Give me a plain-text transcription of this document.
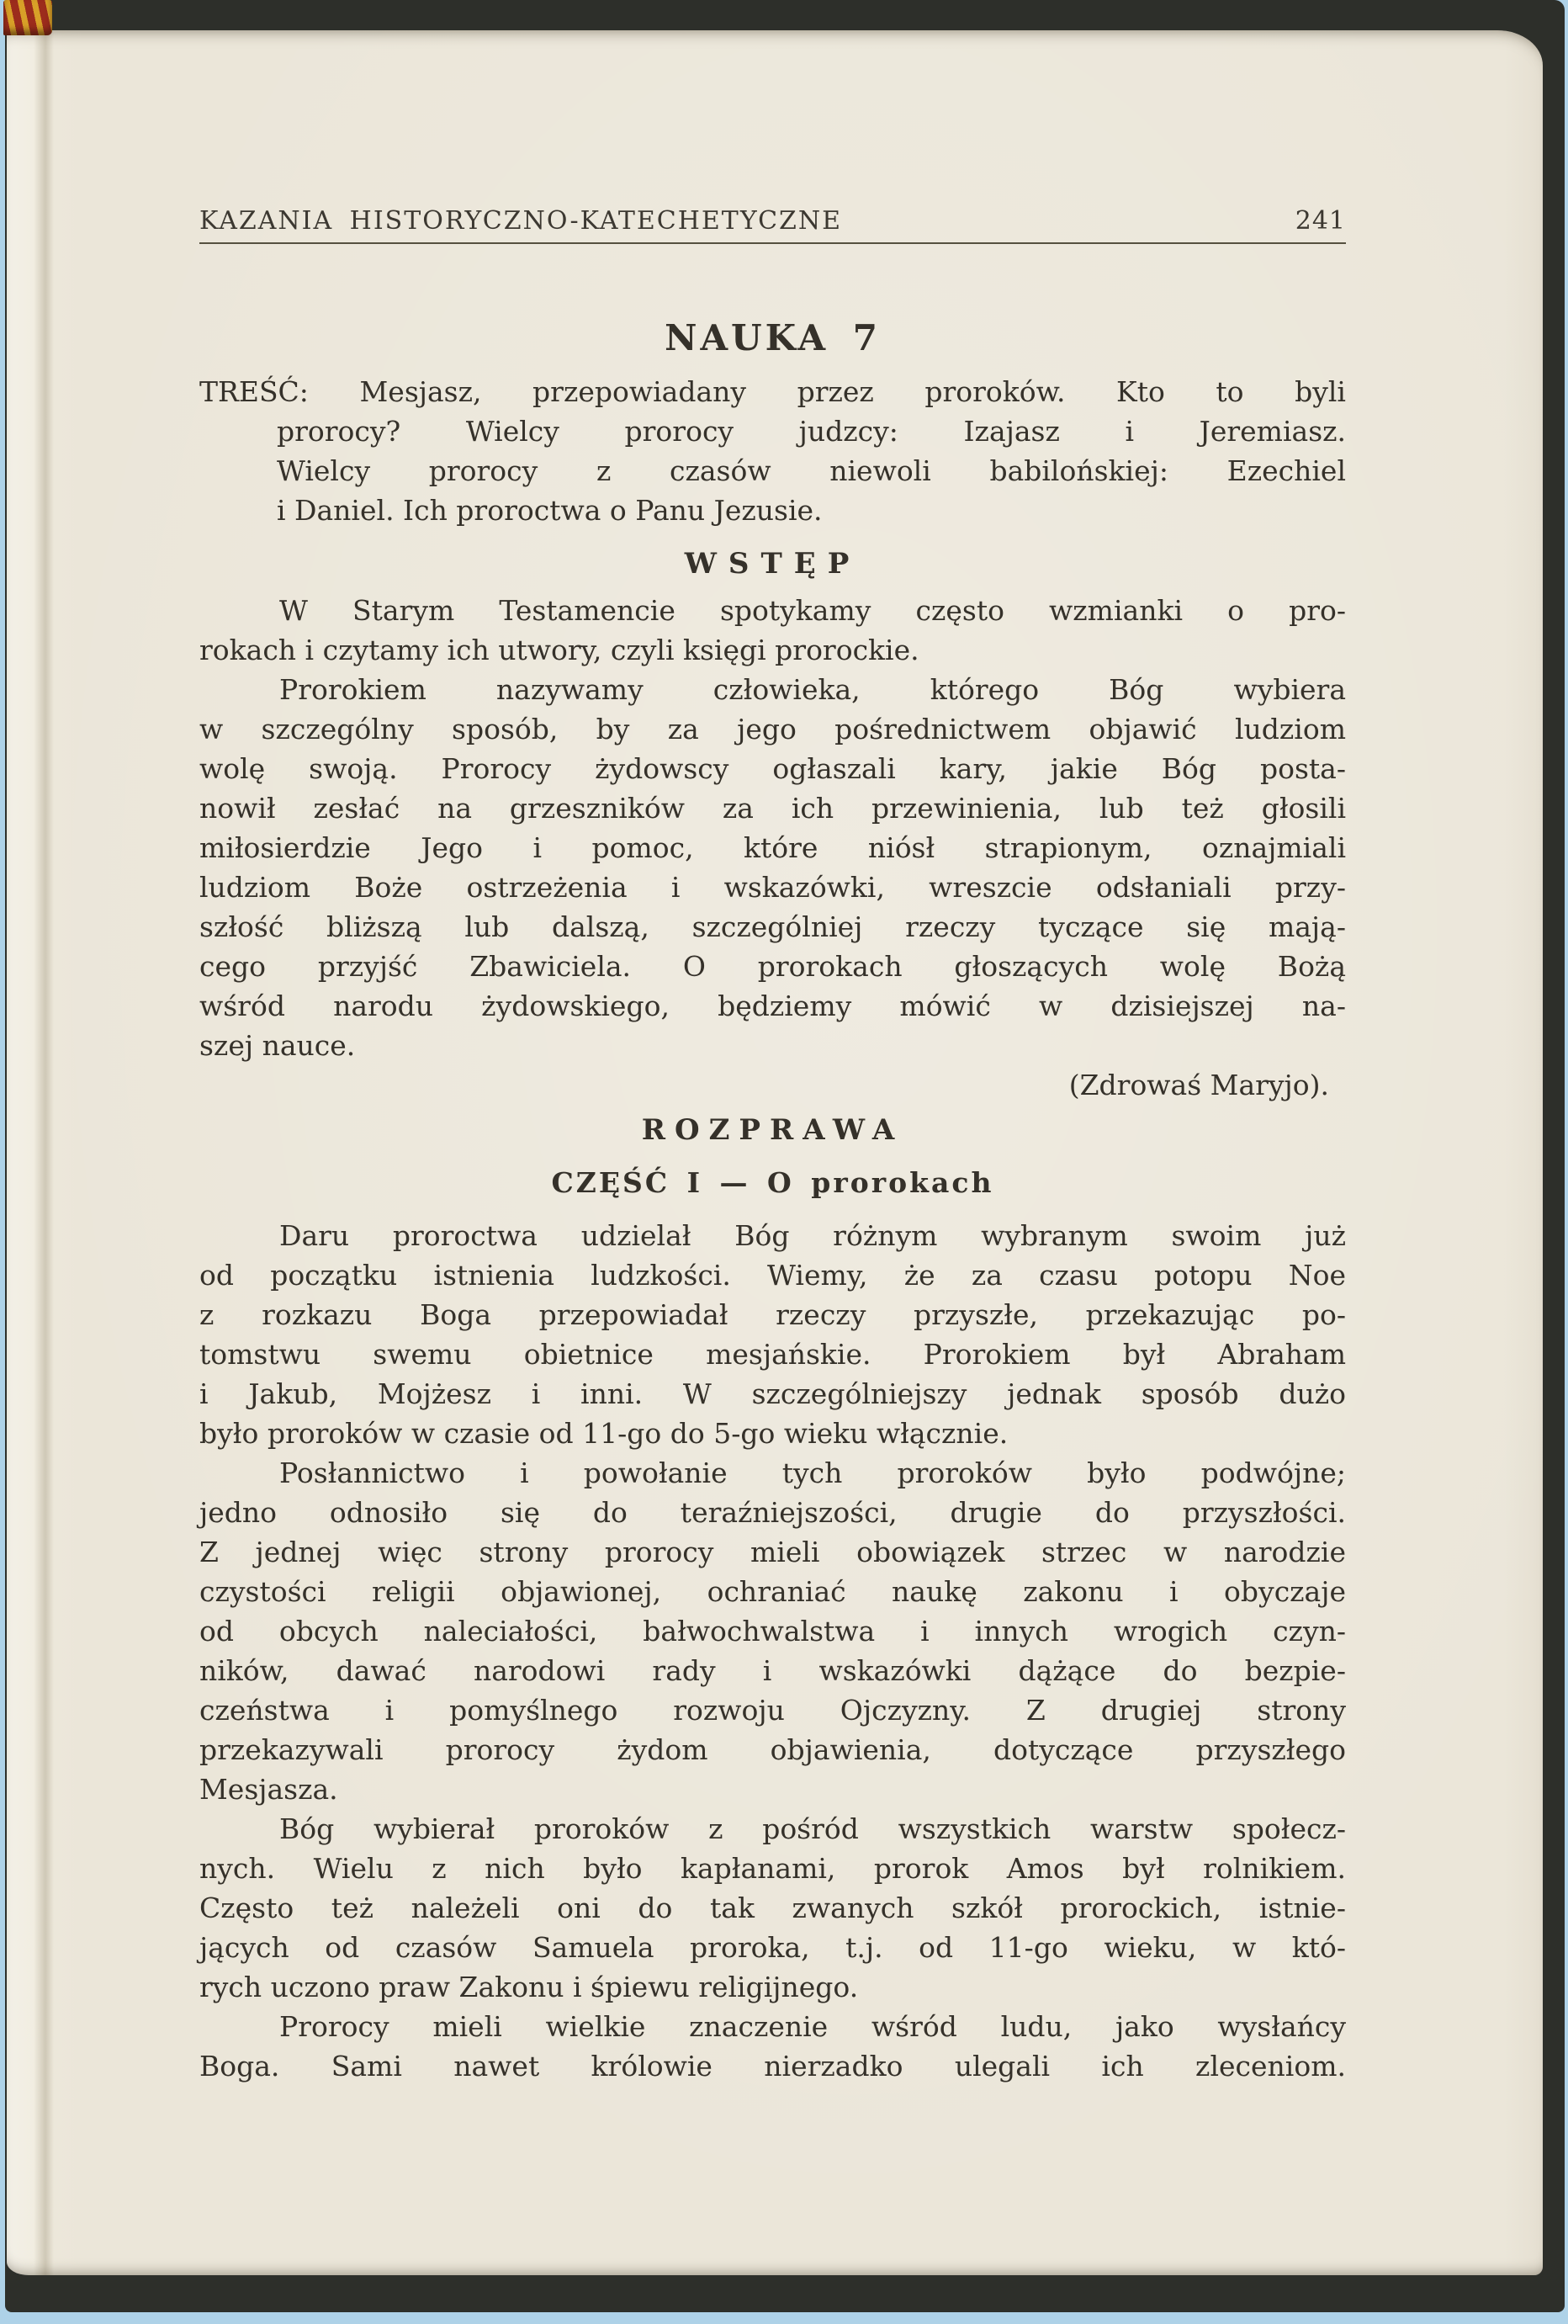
KAZANIA HISTORYCZNO-KATECHETYCZNE	241
NAUKA 7
TREŚĆ: Mesjasz, przepowiadany przez proroków. Kto to byli
prorocy? Wielcy prorocy judzcy: Izajasz i Jeremiasz.
Wielcy prorocy z czasów niewoli babilońskiej: Ezechiel
i Daniel. Ich proroctwa o Panu Jezusie.
WSTĘP
W Starym Testamencie spotykamy często wzmianki o pro-
rokach i czytamy ich utwory, czyli księgi prorockie.
Prorokiem nazywamy człowieka, którego Bóg wybiera
w szczególny sposób, by za jego pośrednictwem objawić ludziom
wolę swoją. Prorocy żydowscy ogłaszali kary, jakie Bóg posta-
nowił zesłać na grzeszników za ich przewinienia, lub też głosili
miłosierdzie Jego i pomoc, które niósł strapionym, oznajmiali
ludziom Boże ostrzeżenia i wskazówki, wreszcie odsłaniali przy-
szłość bliższą lub dalszą, szczególniej rzeczy tyczące się mają-
cego przyjść Zbawiciela. O prorokach głoszących wolę Bożą
wśród narodu żydowskiego, będziemy mówić w dzisiejszej na-
szej nauce.
(Zdrowaś Maryjo).
ROZPRAWA
CZĘŚĆ I — O prorokach
Daru proroctwa udzielał Bóg różnym wybranym swoim już
od początku istnienia ludzkości. Wiemy, że za czasu potopu Noe
z rozkazu Boga przepowiadał rzeczy przyszłe, przekazując po-
tomstwu swemu obietnice mesjańskie. Prorokiem był Abraham
i Jakub, Mojżesz i inni. W szczególniejszy jednak sposób dużo
było proroków w czasie od 11-go do 5-go wieku włącznie.
Posłannictwo i powołanie tych proroków było podwójne;
jedno odnosiło się do teraźniejszości, drugie do przyszłości.
Z jednej więc strony prorocy mieli obowiązek strzec w narodzie
czystości religii objawionej, ochraniać naukę zakonu i obyczaje
od obcych naleciałości, bałwochwalstwa i innych wrogich czyn-
ników, dawać narodowi rady i wskazówki dążące do bezpie-
czeństwa i pomyślnego rozwoju Ojczyzny. Z drugiej strony
przekazywali prorocy żydom objawienia, dotyczące przyszłego
Mesjasza.
Bóg wybierał proroków z pośród wszystkich warstw społecz-
nych. Wielu z nich było kapłanami, prorok Amos był rolnikiem.
Często też należeli oni do tak zwanych szkół prorockich, istnie-
jących od czasów Samuela proroka, t.j. od 11-go wieku, w któ-
rych uczono praw Zakonu i śpiewu religijnego.
Prorocy mieli wielkie znaczenie wśród ludu, jako wysłańcy
Boga. Sami nawet królowie nierzadko ulegali ich zleceniom.
